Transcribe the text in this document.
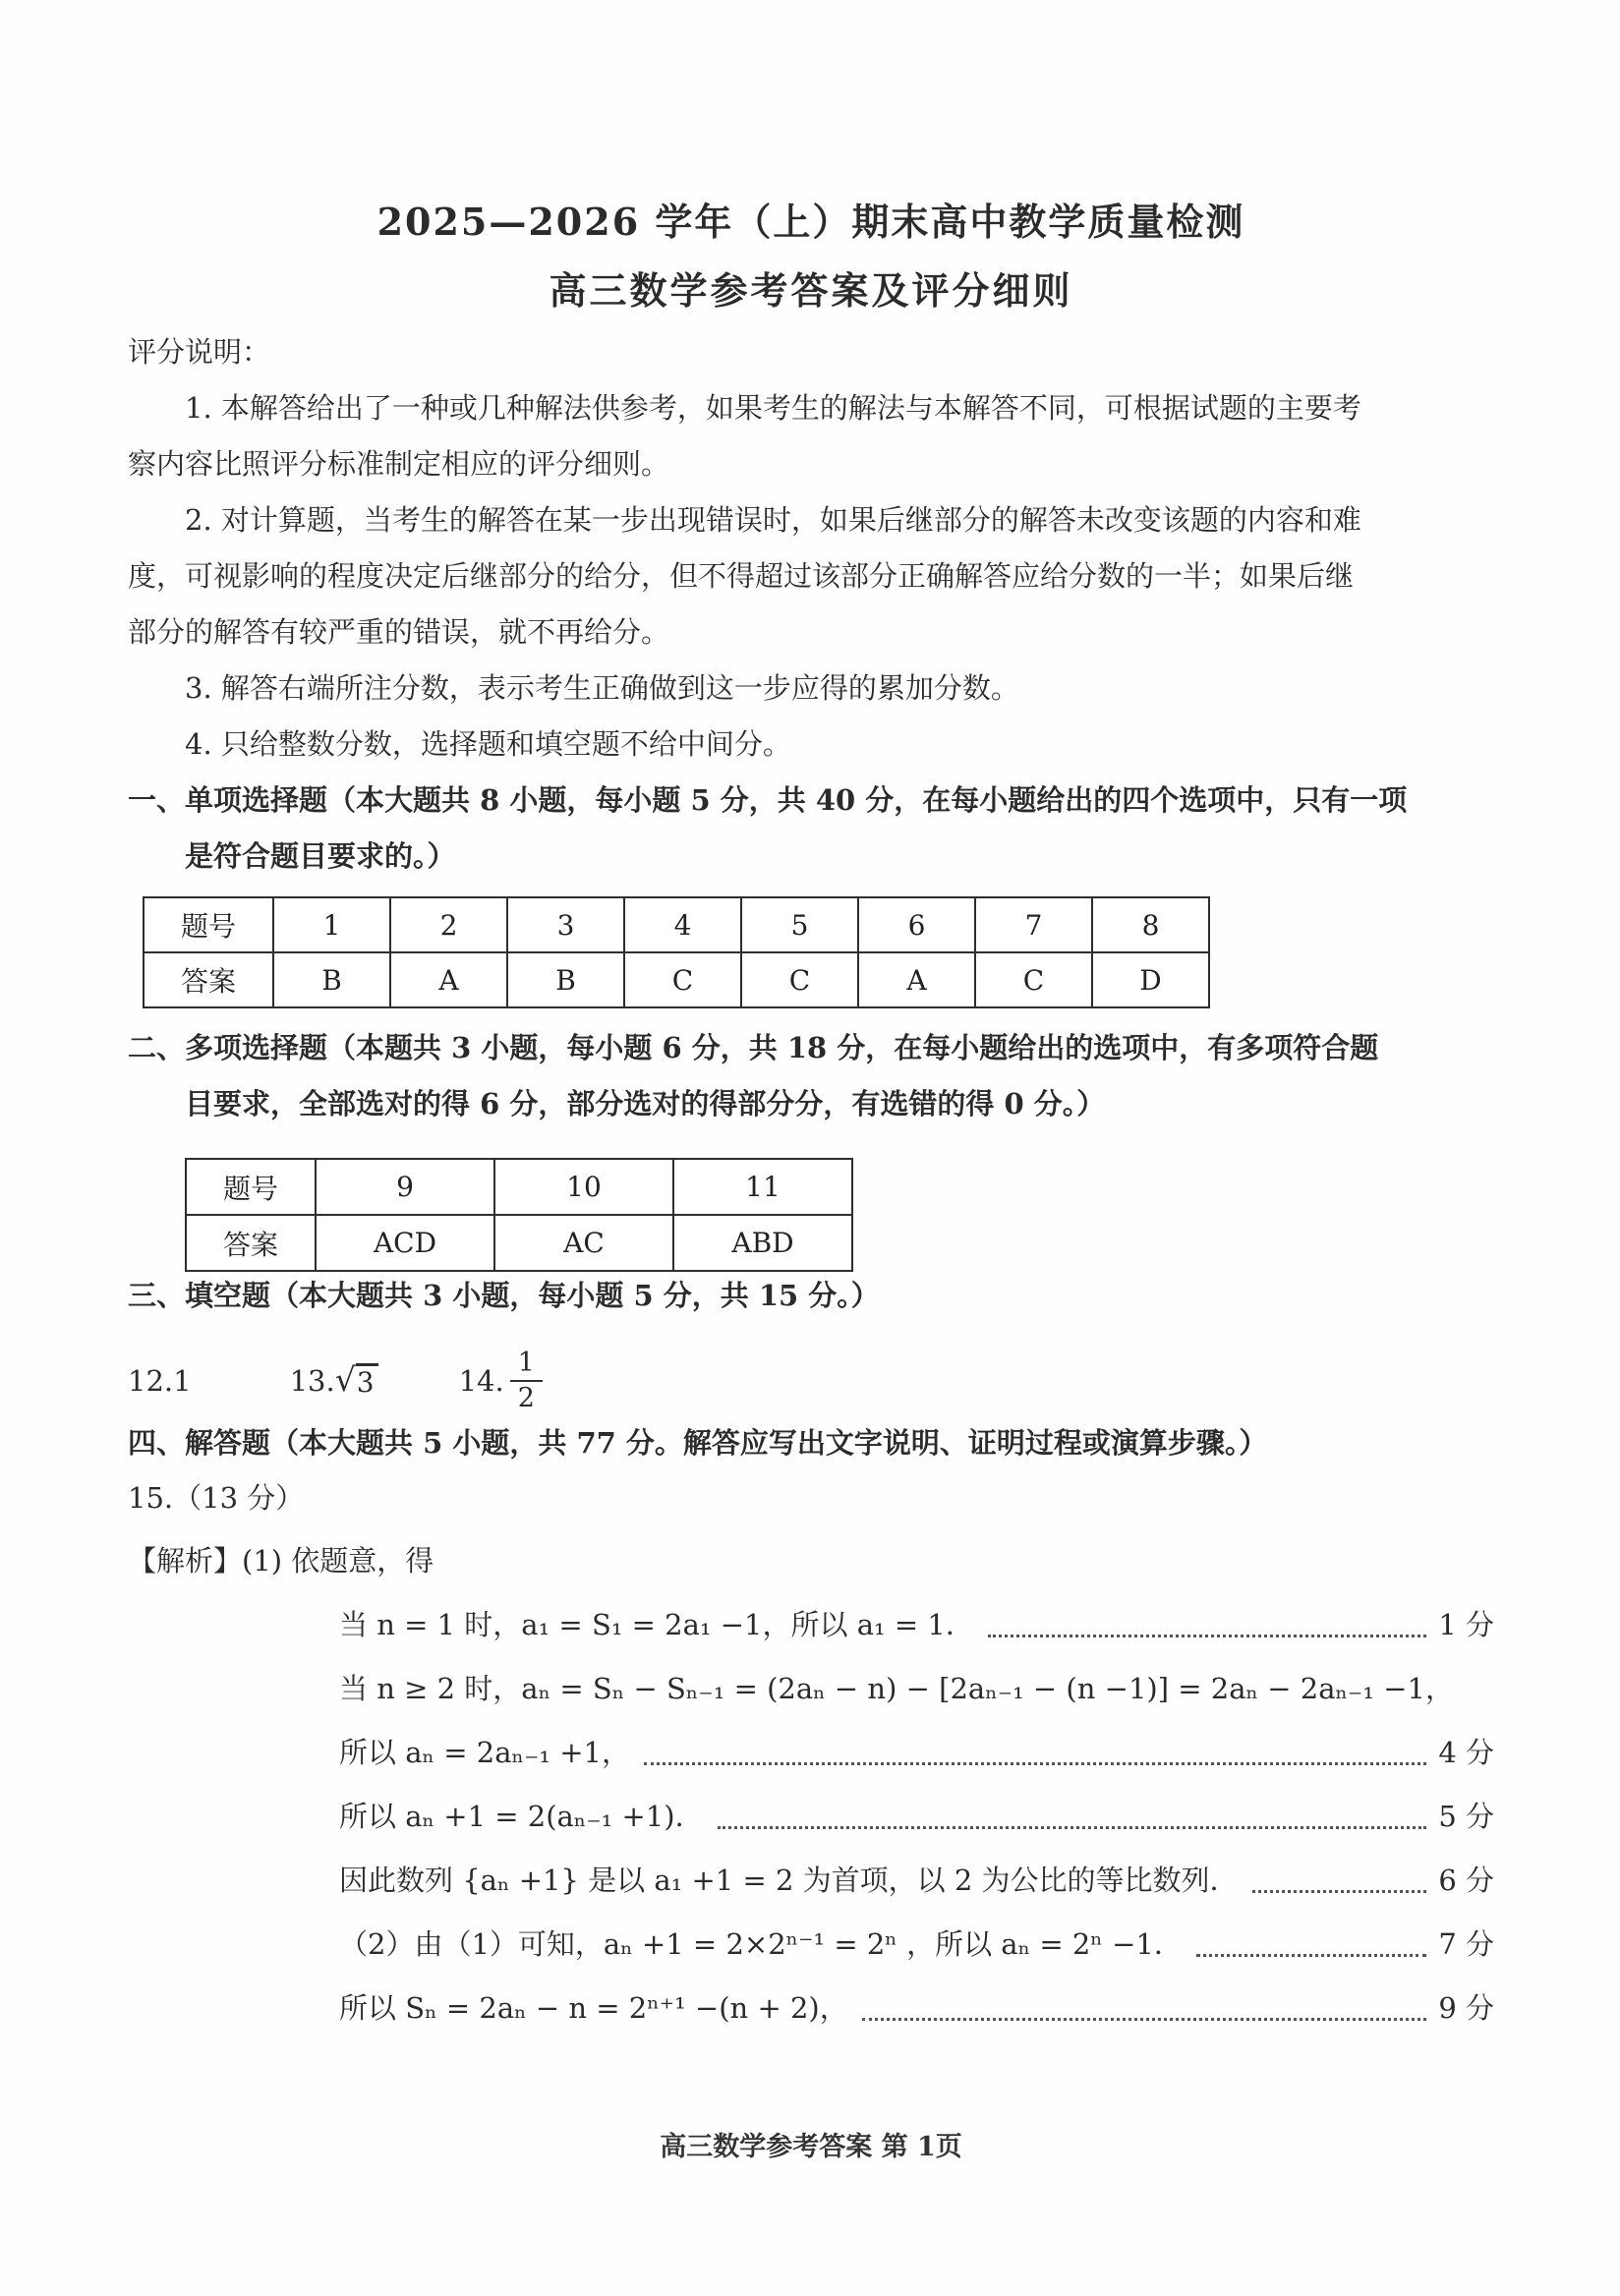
2025—2026 学年（上）期末高中教学质量检测
高三数学参考答案及评分细则
评分说明：
1. 本解答给出了一种或几种解法供参考，如果考生的解法与本解答不同，可根据试题的主要考
察内容比照评分标准制定相应的评分细则。
2. 对计算题，当考生的解答在某一步出现错误时，如果后继部分的解答未改变该题的内容和难
度，可视影响的程度决定后继部分的给分，但不得超过该部分正确解答应给分数的一半；如果后继
部分的解答有较严重的错误，就不再给分。
3. 解答右端所注分数，表示考生正确做到这一步应得的累加分数。
4. 只给整数分数，选择题和填空题不给中间分。
一、单项选择题（本大题共 8 小题，每小题 5 分，共 40 分，在每小题给出的四个选项中，只有一项
是符合题目要求的。）
题号	1	2	3	4	5	6	7	8
答案	B	A	B	C	C	A	C	D
二、多项选择题（本题共 3 小题，每小题 6 分，共 18 分，在每小题给出的选项中，有多项符合题
目要求，全部选对的得 6 分，部分选对的得部分分，有选错的得 0 分。）
题号	9	10	11
答案	ACD	AC	ABD
三、填空题（本大题共 3 小题，每小题 5 分，共 15 分。）
12. 1	13. √ 3	14. $\frac{1}{2}$
四、解答题（本大题共 5 小题，共 77 分。解答应写出文字说明、证明过程或演算步骤。）
15.（13 分）
【解析】(1) 依题意，得
当 n = 1 时，a₁ = S₁ = 2a₁ −1，所以 a₁ = 1．	1 分
当 n ≥ 2 时，aₙ = Sₙ − Sₙ₋₁ = (2aₙ − n) − [2aₙ₋₁ − (n −1)] = 2aₙ − 2aₙ₋₁ −1，
所以 aₙ = 2aₙ₋₁ +1，	4 分
所以 aₙ +1 = 2(aₙ₋₁ +1)．	5 分
因此数列 {aₙ +1} 是以 a₁ +1 = 2 为首项，以 2 为公比的等比数列．	6 分
（2）由（1）可知，aₙ +1 = 2×2ⁿ⁻¹ = 2ⁿ ，所以 aₙ = 2ⁿ −1．	7 分
所以 Sₙ = 2aₙ − n = 2ⁿ⁺¹ −(n + 2)，	9 分
高三数学参考答案 第 1页
